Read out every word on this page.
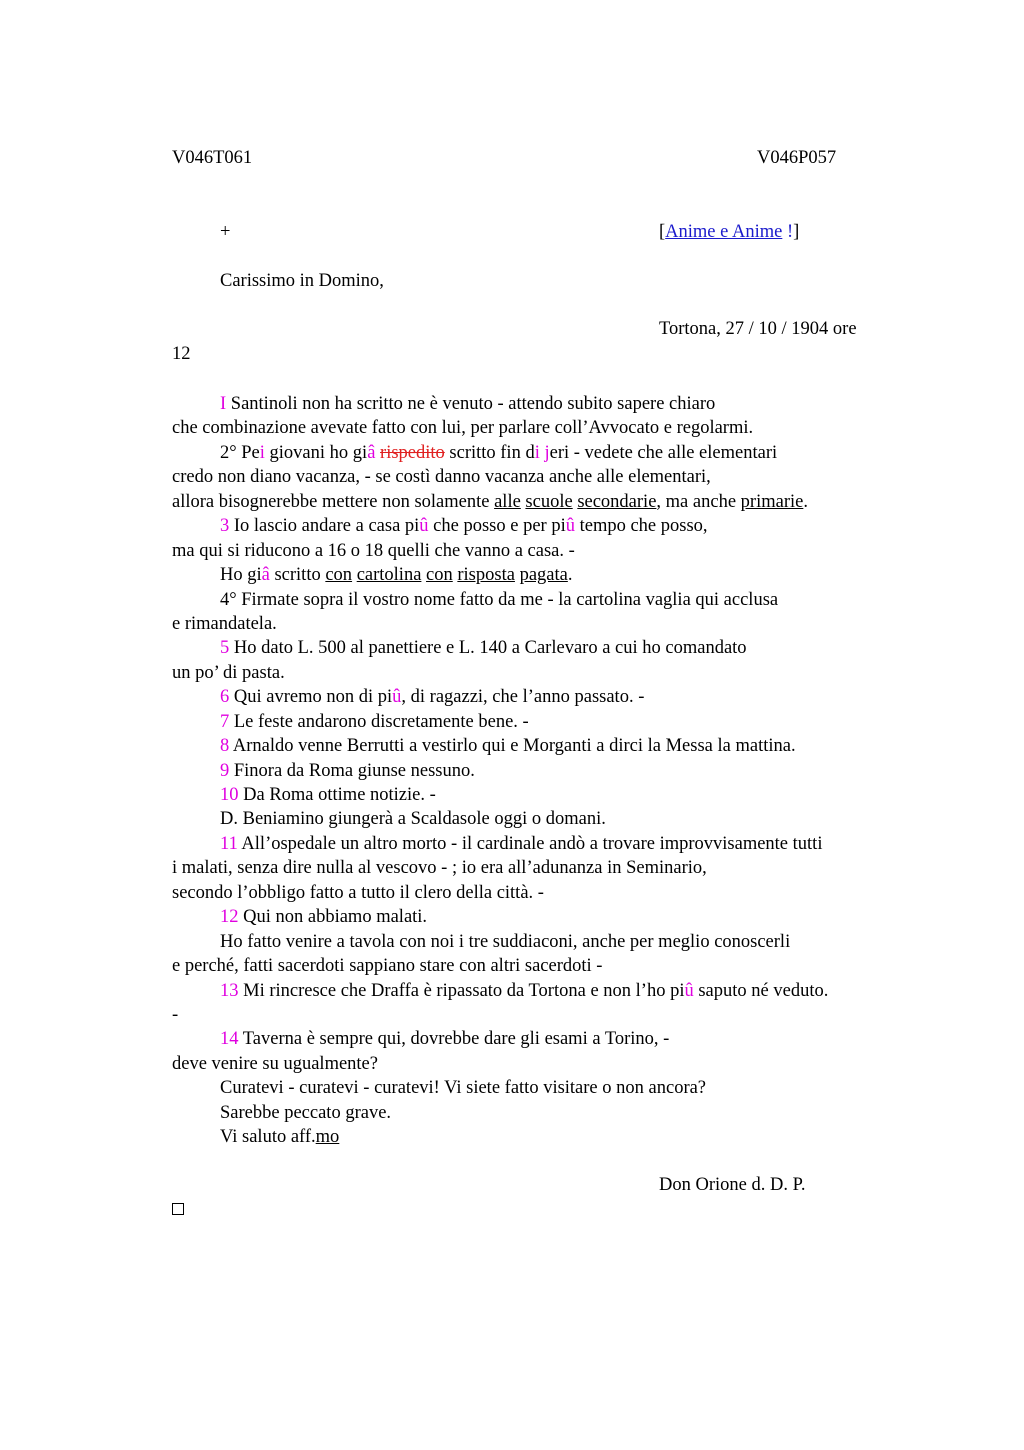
V046T061	V046P057
+	[Anime e Anime !]
Carissimo in Domino,
Tortona, 27 / 10 / 1904 ore
12
I Santinoli non ha scritto ne è venuto - attendo subito sapere chiaro
che combinazione avevate fatto con lui, per parlare coll’Avvocato e regolarmi.
2° Pei giovani ho giâ rispedito scritto fin di jeri - vedete che alle elementari
credo non diano vacanza, - se costì danno vacanza anche alle elementari,
allora bisognerebbe mettere non solamente alle scuole secondarie, ma anche primarie.
3 Io lascio andare a casa piû che posso e per piû tempo che posso,
ma qui si riducono a 16 o 18 quelli che vanno a casa. -
Ho giâ scritto con cartolina con risposta pagata.
4° Firmate sopra il vostro nome fatto da me - la cartolina vaglia qui acclusa
e rimandatela.
5 Ho dato L. 500 al panettiere e L. 140 a Carlevaro a cui ho comandato
un po’ di pasta.
6 Qui avremo non di piû, di ragazzi, che l’anno passato. -
7 Le feste andarono discretamente bene. -
8 Arnaldo venne Berrutti a vestirlo qui e Morganti a dirci la Messa la mattina.
9 Finora da Roma giunse nessuno.
10 Da Roma ottime notizie. -
D. Beniamino giungerà a Scaldasole oggi o domani.
11 All’ospedale un altro morto - il cardinale andò a trovare improvvisamente tutti
i malati, senza dire nulla al vescovo - ; io era all’adunanza in Seminario,
secondo l’obbligo fatto a tutto il clero della città. -
12 Qui non abbiamo malati.
Ho fatto venire a tavola con noi i tre suddiaconi, anche per meglio conoscerli
e perché, fatti sacerdoti sappiano stare con altri sacerdoti -
13 Mi rincresce che Draffa è ripassato da Tortona e non l’ho piû saputo né veduto.
-
14 Taverna è sempre qui, dovrebbe dare gli esami a Torino, -
deve venire su ugualmente?
Curatevi - curatevi - curatevi! Vi siete fatto visitare o non ancora?
Sarebbe peccato grave.
Vi saluto aff.mo
Don Orione d. D. P.
